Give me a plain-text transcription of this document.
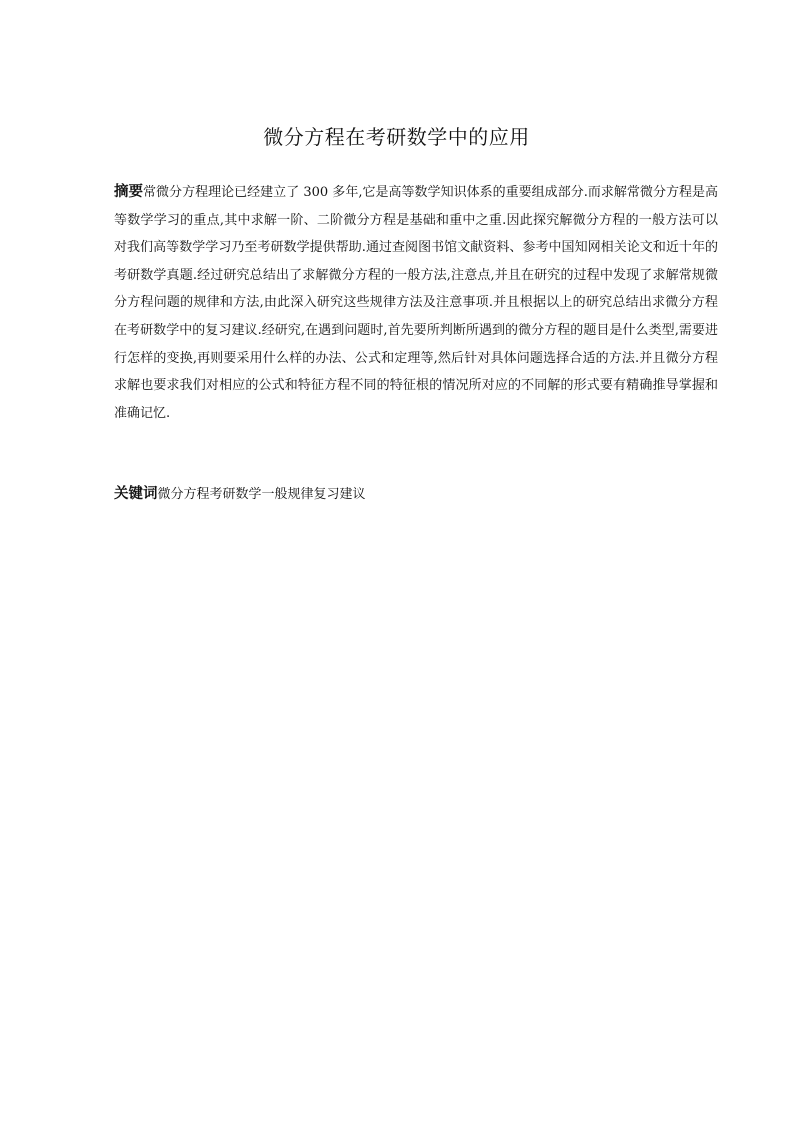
微分方程在考研数学中的应用

摘要常微分方程理论已经建立了 300 多年,它是高等数学知识体系的重要组成部分.而求解常微分方程是高等数学学习的重点,其中求解一阶、二阶微分方程是基础和重中之重.因此探究解微分方程的一般方法可以对我们高等数学学习乃至考研数学提供帮助.通过查阅图书馆文献资料、参考中国知网相关论文和近十年的考研数学真题.经过研究总结出了求解微分方程的一般方法,注意点,并且在研究的过程中发现了求解常规微分方程问题的规律和方法,由此深入研究这些规律方法及注意事项.并且根据以上的研究总结出求微分方程在考研数学中的复习建议.经研究,在遇到问题时,首先要所判断所遇到的微分方程的题目是什么类型,需要进行怎样的变换,再则要采用什么样的办法、公式和定理等,然后针对具体问题选择合适的方法.并且微分方程求解也要求我们对相应的公式和特征方程不同的特征根的情况所对应的不同解的形式要有精确推导掌握和准确记忆.

关键词微分方程考研数学一般规律复习建议
